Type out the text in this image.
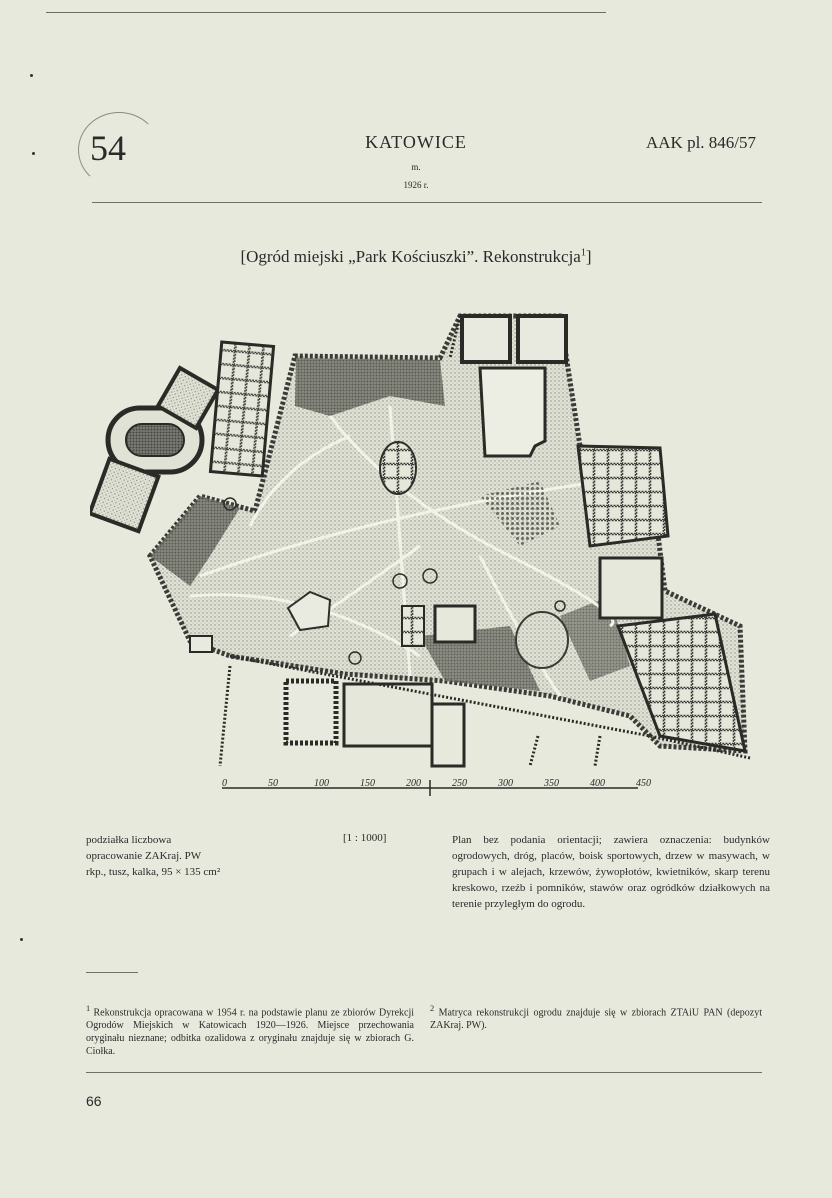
54	KATOWICE
m.
1926 r.
AAK pl. 846/57
[Ogród miejski „Park Kościuszki”. Rekonstrukcja$^1$]
0	50	100	150	200	250	300	350	400	450
podziałka liczbowa
opracowanie ZAKraj. PW
rkp., tusz, kalka, 95 × 135 cm²
[1 : 1000]	Plan bez podania orientacji; zawiera oznaczenia: budynków ogrodowych, dróg, placów, boisk sportowych, drzew w masywach, w grupach i w alejach, krzewów, żywopłotów, kwietników, skarp terenu kreskowo, rzeźb i pomników, stawów oraz ogródków działkowych na terenie przyległym do ogrodu.
$^1$ Rekonstrukcja opracowana w 1954 r. na podstawie planu ze zbiorów Dyrekcji Ogrodów Miejskich w Katowicach 1920—1926. Miejsce przechowania oryginału nieznane; odbitka ozalidowa z oryginału znajduje się w zbiorach G. Ciołka.
$^2$ Matryca rekonstrukcji ogrodu znajduje się w zbiorach ZTAiU PAN (depozyt ZAKraj. PW).
66
